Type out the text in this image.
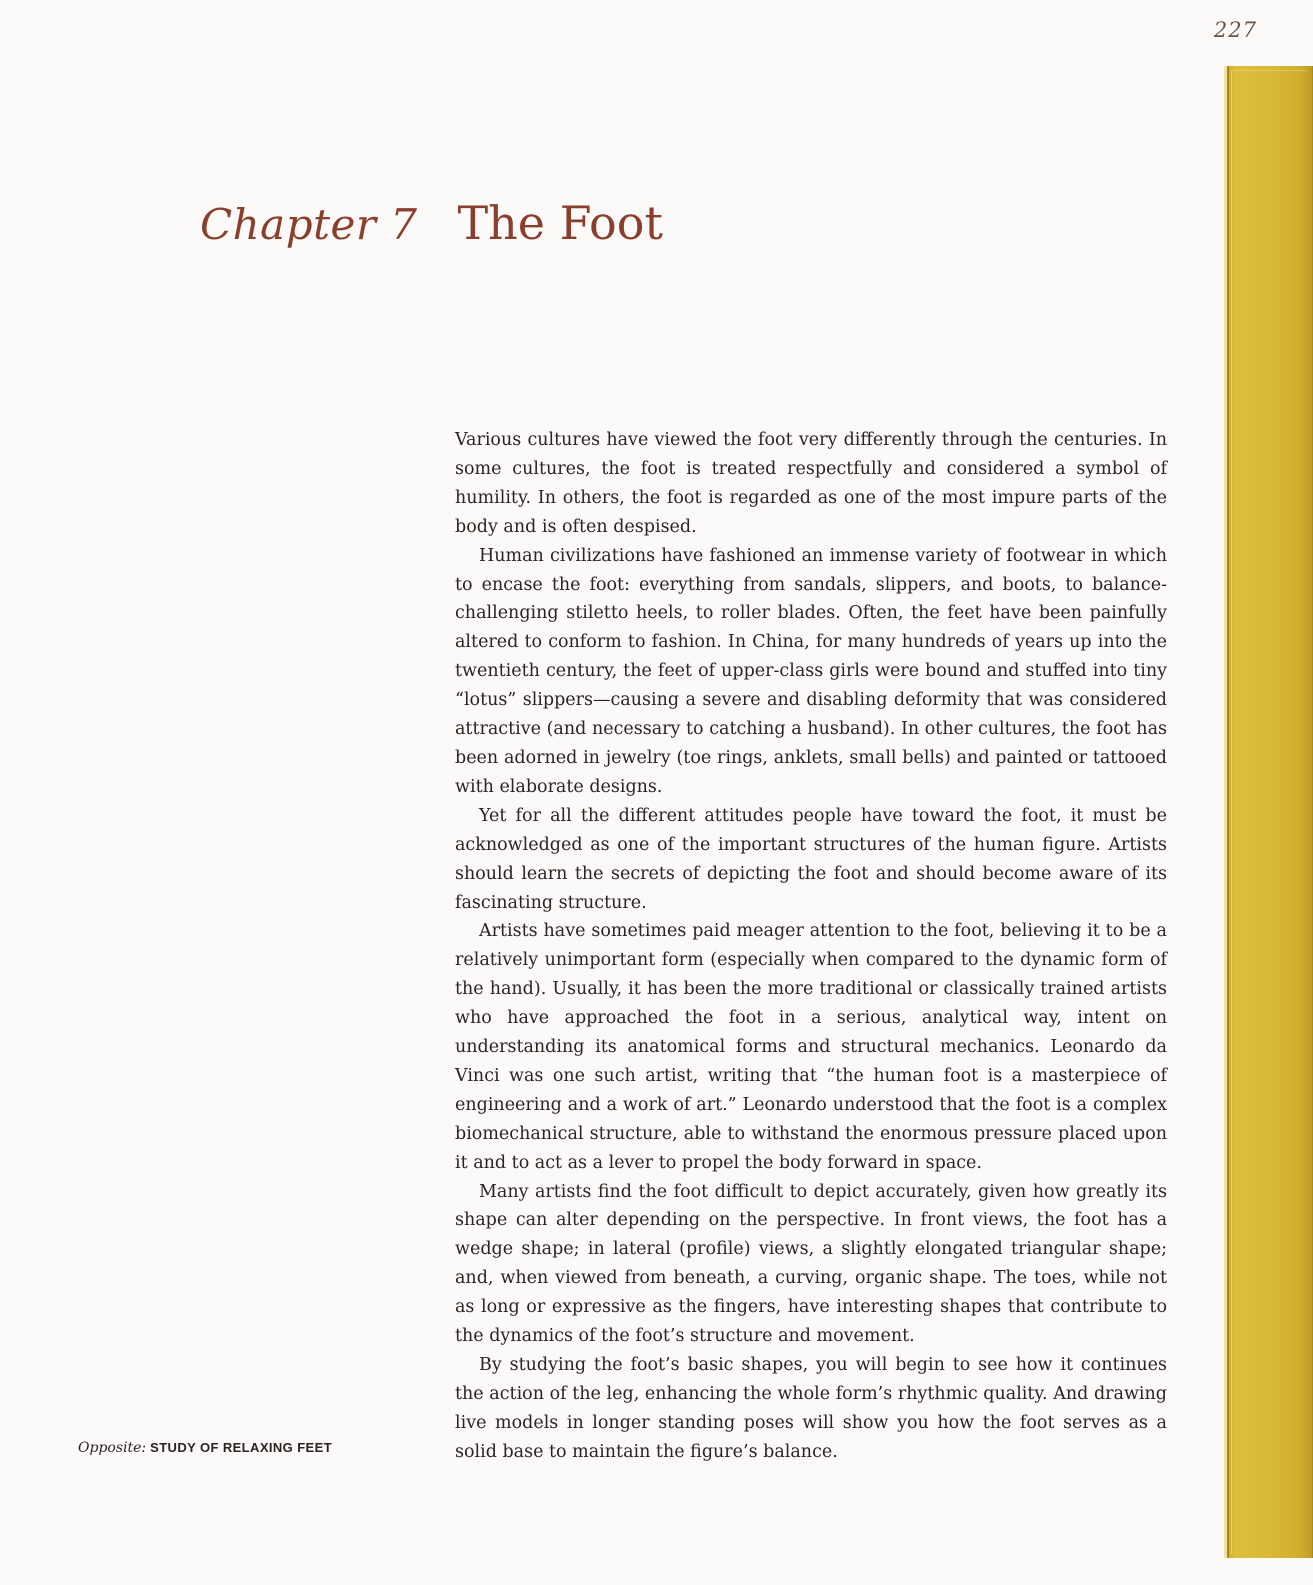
227
Chapter 7 The Foot

Various cultures have viewed the foot very differently through the centuries. In some cultures, the foot is treated respectfully and considered a symbol of humility. In others, the foot is regarded as one of the most impure parts of the body and is often despised.

Human civilizations have fashioned an immense variety of footwear in which to encase the foot: everything from sandals, slippers, and boots, to balance-challenging stiletto heels, to roller blades. Often, the feet have been painfully altered to conform to fashion. In China, for many hundreds of years up into the twentieth century, the feet of upper-class girls were bound and stuffed into tiny “lotus” slippers—causing a severe and disabling deformity that was considered attractive (and necessary to catching a husband). In other cultures, the foot has been adorned in jewelry (toe rings, anklets, small bells) and painted or tattooed with elaborate designs.

Yet for all the different attitudes people have toward the foot, it must be acknowledged as one of the important structures of the human figure. Artists should learn the secrets of depicting the foot and should become aware of its fascinating structure.

Artists have sometimes paid meager attention to the foot, believing it to be a relatively unimportant form (especially when compared to the dynamic form of the hand). Usually, it has been the more traditional or classically trained artists who have approached the foot in a serious, analytical way, intent on understanding its anatomical forms and structural mechanics. Leonardo da Vinci was one such artist, writing that “the human foot is a masterpiece of engineering and a work of art.” Leonardo understood that the foot is a complex biomechanical structure, able to withstand the enormous pressure placed upon it and to act as a lever to propel the body forward in space.

Many artists find the foot difficult to depict accurately, given how greatly its shape can alter depending on the perspective. In front views, the foot has a wedge shape; in lateral (profile) views, a slightly elongated triangular shape; and, when viewed from beneath, a curving, organic shape. The toes, while not as long or expressive as the fingers, have interesting shapes that contribute to the dynamics of the foot’s structure and movement.

By studying the foot’s basic shapes, you will begin to see how it continues the action of the leg, enhancing the whole form’s rhythmic quality. And drawing live models in longer standing poses will show you how the foot serves as a solid base to maintain the figure’s balance.

Opposite: STUDY OF RELAXING FEET
